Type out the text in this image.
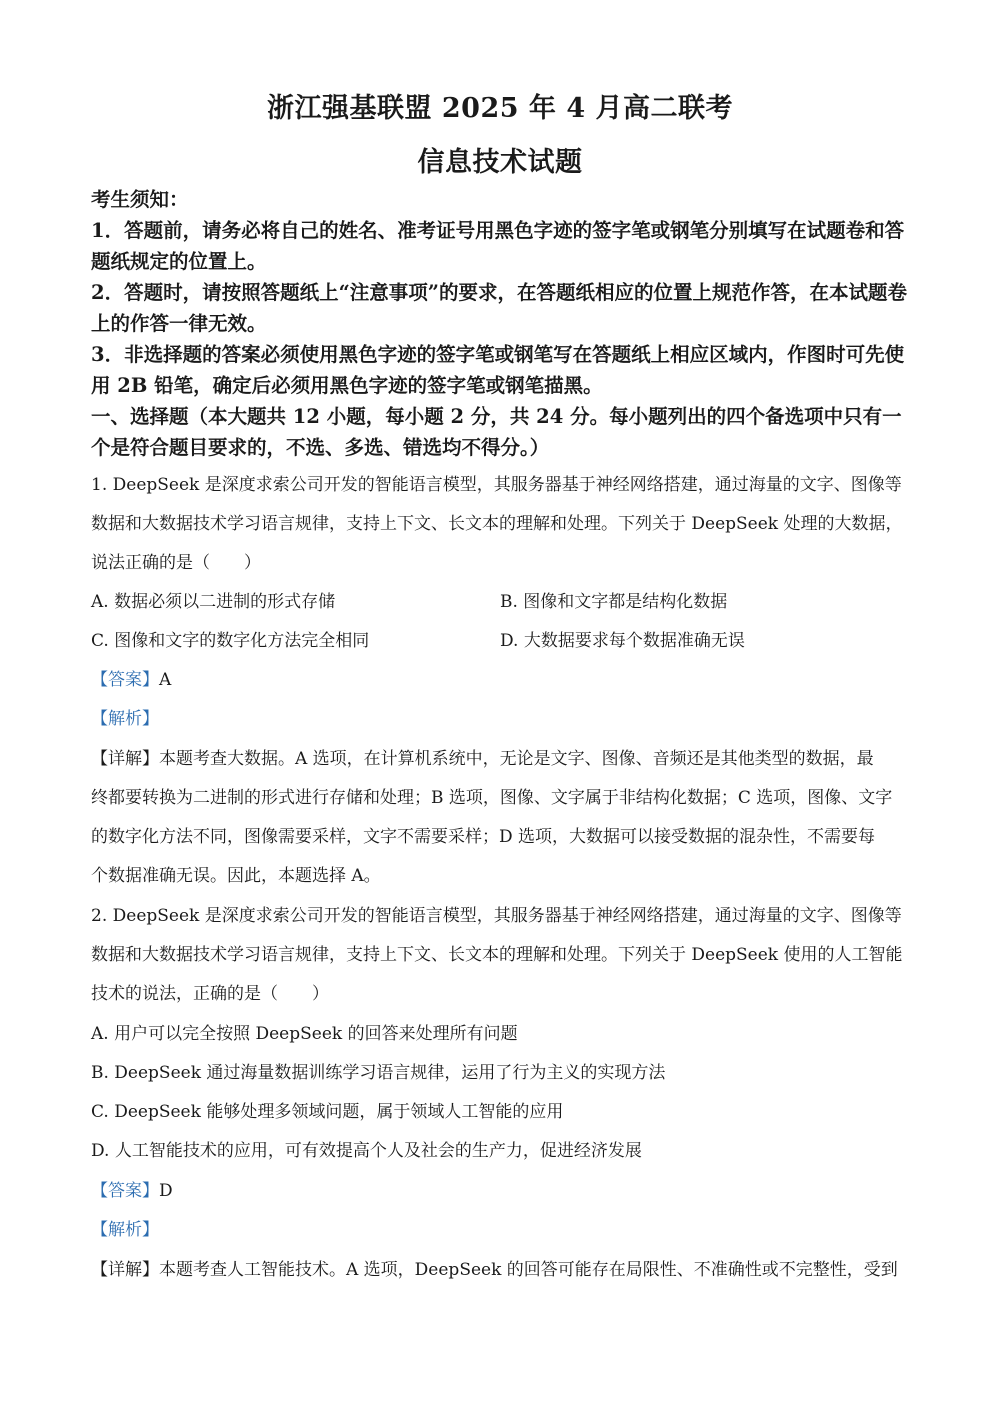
浙江强基联盟 2025 年 4 月高二联考
信息技术试题

考生须知：

1．答题前，请务必将自己的姓名、准考证号用黑色字迹的签字笔或钢笔分别填写在试题卷和答题纸规定的位置上。

2．答题时，请按照答题纸上“注意事项”的要求，在答题纸相应的位置上规范作答，在本试题卷上的作答一律无效。

3．非选择题的答案必须使用黑色字迹的签字笔或钢笔写在答题纸上相应区域内，作图时可先使用 2B 铅笔，确定后必须用黑色字迹的签字笔或钢笔描黑。

一、选择题（本大题共 12 小题，每小题 2 分，共 24 分。每小题列出的四个备选项中只有一个是符合题目要求的，不选、多选、错选均不得分。）

1. DeepSeek 是深度求索公司开发的智能语言模型，其服务器基于神经网络搭建，通过海量的文字、图像等
数据和大数据技术学习语言规律，支持上下文、长文本的理解和处理。下列关于 DeepSeek 处理的大数据，
说法正确的是（　　）
A. 数据必须以二进制的形式存储	B. 图像和文字都是结构化数据
C. 图像和文字的数字化方法完全相同	D. 大数据要求每个数据准确无误
【答案】A
【解析】
【详解】本题考查大数据。A 选项，在计算机系统中，无论是文字、图像、音频还是其他类型的数据，最
终都要转换为二进制的形式进行存储和处理；B 选项，图像、文字属于非结构化数据；C 选项，图像、文字
的数字化方法不同，图像需要采样，文字不需要采样；D 选项，大数据可以接受数据的混杂性，不需要每
个数据准确无误。因此，本题选择 A。
2. DeepSeek 是深度求索公司开发的智能语言模型，其服务器基于神经网络搭建，通过海量的文字、图像等
数据和大数据技术学习语言规律，支持上下文、长文本的理解和处理。下列关于 DeepSeek 使用的人工智能
技术的说法，正确的是（　　）
A. 用户可以完全按照 DeepSeek 的回答来处理所有问题
B. DeepSeek 通过海量数据训练学习语言规律，运用了行为主义的实现方法
C. DeepSeek 能够处理多领域问题，属于领域人工智能的应用
D. 人工智能技术的应用，可有效提高个人及社会的生产力，促进经济发展
【答案】D
【解析】
【详解】本题考查人工智能技术。A 选项，DeepSeek 的回答可能存在局限性、不准确性或不完整性，受到
